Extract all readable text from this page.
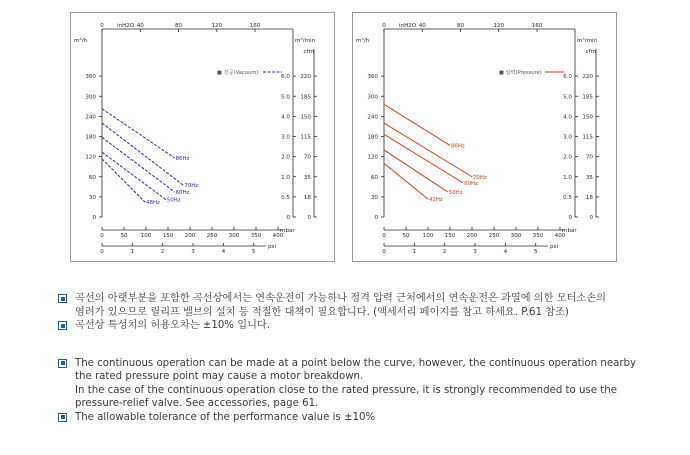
0	40	80	120	160
inH2O
m³/h
0
30
60
120
180
240
300
360
m³/min
cfm
0
0.5
1.0
2.0
3.0
4.0
5.0
6.0
0
18
35
70
115
150
185
220
0	50 100 150 200 250 300 350 400
mbar
0	1	2	3	4	5
psi
■ 진공(Vacuum)
86Hz
70Hz
60Hz
50Hz
48Hz
0	40	80	120	160
inH2O
m³/h
0
30
60
120
180
240
300
360
m³/min
cfm
0
0.5
1.0
2.0
3.0
4.0
5.0
6.0
0
18
35
70
115
150
185
220
0	50 100 150 200 250 300 350 400
mbar
0	1	2	3	4	5
psi
■ 압력(Pressure)
86Hz
70Hz
60Hz
50Hz
42Hz
곡선의 아랫부분을 포함한 곡선상에서는 연속운전이 가능하나 정격 압력 근처에서의 연속운전은 과열에 의한 모터소손의
염려가 있으므로 릴리프 밸브의 설치 등 적절한 대책이 필요합니다. (액세서리 페이지를 참고 하세요. P.61 참조)
곡선상 특성치의 허용오차는 ±10% 입니다.
The continuous operation can be made at a point below the curve, however, the continuous operation nearby
the rated pressure point may cause a motor breakdown.
In the case of the continuous operation close to the rated pressure, it is strongly recommended to use the
pressure-relief valve. See accessories, page 61.
The allowable tolerance of the performance value is ±10%
